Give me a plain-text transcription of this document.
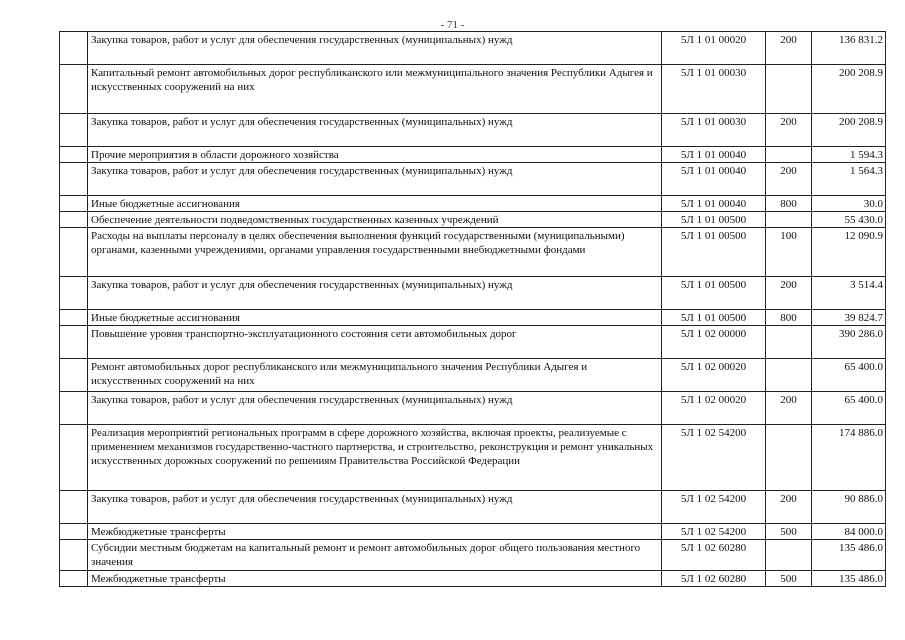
- 71 -
	Закупка товаров, работ и услуг для обеспечения государственных (муниципальных) нужд	5Л 1 01 00020	200	136 831.2
	Капитальный ремонт автомобильных дорог республиканского или межмуниципального значения Республики Адыгея и искусственных сооружений на них	5Л 1 01 00030		200 208.9
	Закупка товаров, работ и услуг для обеспечения государственных (муниципальных) нужд	5Л 1 01 00030	200	200 208.9
	Прочие мероприятия в области дорожного хозяйства	5Л 1 01 00040		1 594.3
	Закупка товаров, работ и услуг для обеспечения государственных (муниципальных) нужд	5Л 1 01 00040	200	1 564.3
	Иные бюджетные ассигнования	5Л 1 01 00040	800	30.0
	Обеспечение деятельности подведомственных государственных казенных учреждений	5Л 1 01 00500		55 430.0
	Расходы на выплаты персоналу в целях обеспечения выполнения функций государственными (муниципальными) органами, казенными учреждениями, органами управления государственными внебюджетными фондами	5Л 1 01 00500	100	12 090.9
	Закупка товаров, работ и услуг для обеспечения государственных (муниципальных) нужд	5Л 1 01 00500	200	3 514.4
	Иные бюджетные ассигнования	5Л 1 01 00500	800	39 824.7
	Повышение уровня транспортно-эксплуатационного состояния сети автомобильных дорог	5Л 1 02 00000		390 286.0
	Ремонт автомобильных дорог республиканского или межмуниципального значения Республики Адыгея и искусственных сооружений на них	5Л 1 02 00020		65 400.0
	Закупка товаров, работ и услуг для обеспечения государственных (муниципальных) нужд	5Л 1 02 00020	200	65 400.0
	Реализация мероприятий региональных программ в сфере дорожного хозяйства, включая проекты, реализуемые с применением механизмов государственно-частного партнерства, и строительство, реконструкция и ремонт уникальных искусственных дорожных сооружений по решениям Правительства Российской Федерации	5Л 1 02 54200		174 886.0
	Закупка товаров, работ и услуг для обеспечения государственных (муниципальных) нужд	5Л 1 02 54200	200	90 886.0
	Межбюджетные трансферты	5Л 1 02 54200	500	84 000.0
	Субсидии местным бюджетам на капитальный ремонт и ремонт автомобильных дорог общего пользования местного значения	5Л 1 02 60280		135 486.0
	Межбюджетные трансферты	5Л 1 02 60280	500	135 486.0
